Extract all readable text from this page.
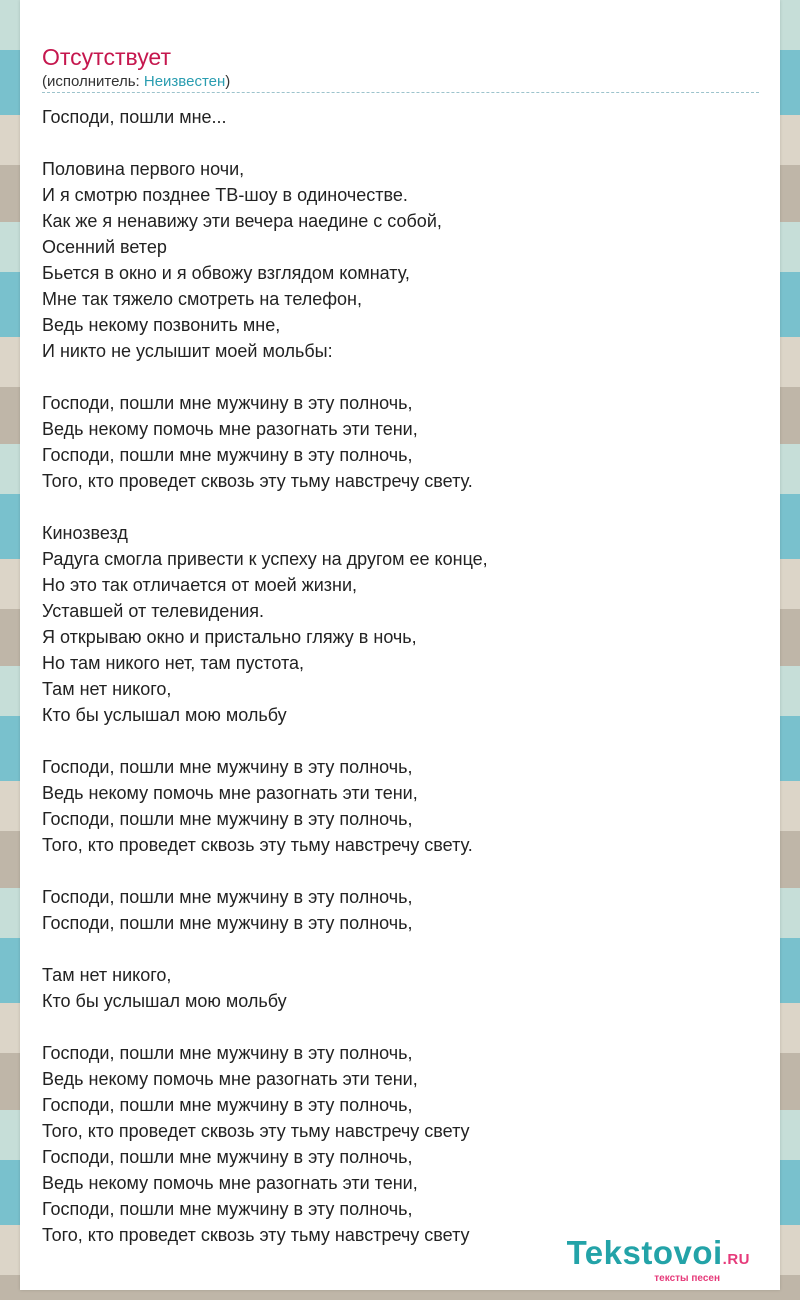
Отсутствует
(исполнитель: Неизвестен)
Господи, пошли мне...
Половина первого ночи,
И я смотрю позднее ТВ-шоу в одиночестве.
Как же я ненавижу эти вечера наедине с собой,
Осенний ветер
Бьется в окно и я обвожу взглядом комнату,
Мне так тяжело смотреть на телефон,
Ведь некому позвонить мне,
И никто не услышит моей мольбы:
Господи, пошли мне мужчину в эту полночь,
Ведь некому помочь мне разогнать эти тени,
Господи, пошли мне мужчину в эту полночь,
Того, кто проведет сквозь эту тьму навстречу свету.
Кинозвезд
Радуга смогла привести к успеху на другом ее конце,
Но это так отличается от моей жизни,
Уставшей от телевидения.
Я открываю окно и пристально гляжу в ночь,
Но там никого нет, там пустота,
Там нет никого,
Кто бы услышал мою мольбу
Господи, пошли мне мужчину в эту полночь,
Ведь некому помочь мне разогнать эти тени,
Господи, пошли мне мужчину в эту полночь,
Того, кто проведет сквозь эту тьму навстречу свету.
Господи, пошли мне мужчину в эту полночь,
Господи, пошли мне мужчину в эту полночь,
Там нет никого,
Кто бы услышал мою мольбу
Господи, пошли мне мужчину в эту полночь,
Ведь некому помочь мне разогнать эти тени,
Господи, пошли мне мужчину в эту полночь,
Того, кто проведет сквозь эту тьму навстречу свету
Господи, пошли мне мужчину в эту полночь,
Ведь некому помочь мне разогнать эти тени,
Господи, пошли мне мужчину в эту полночь,
Того, кто проведет сквозь эту тьму навстречу свету	Tekstovoi.RU
тексты песен
